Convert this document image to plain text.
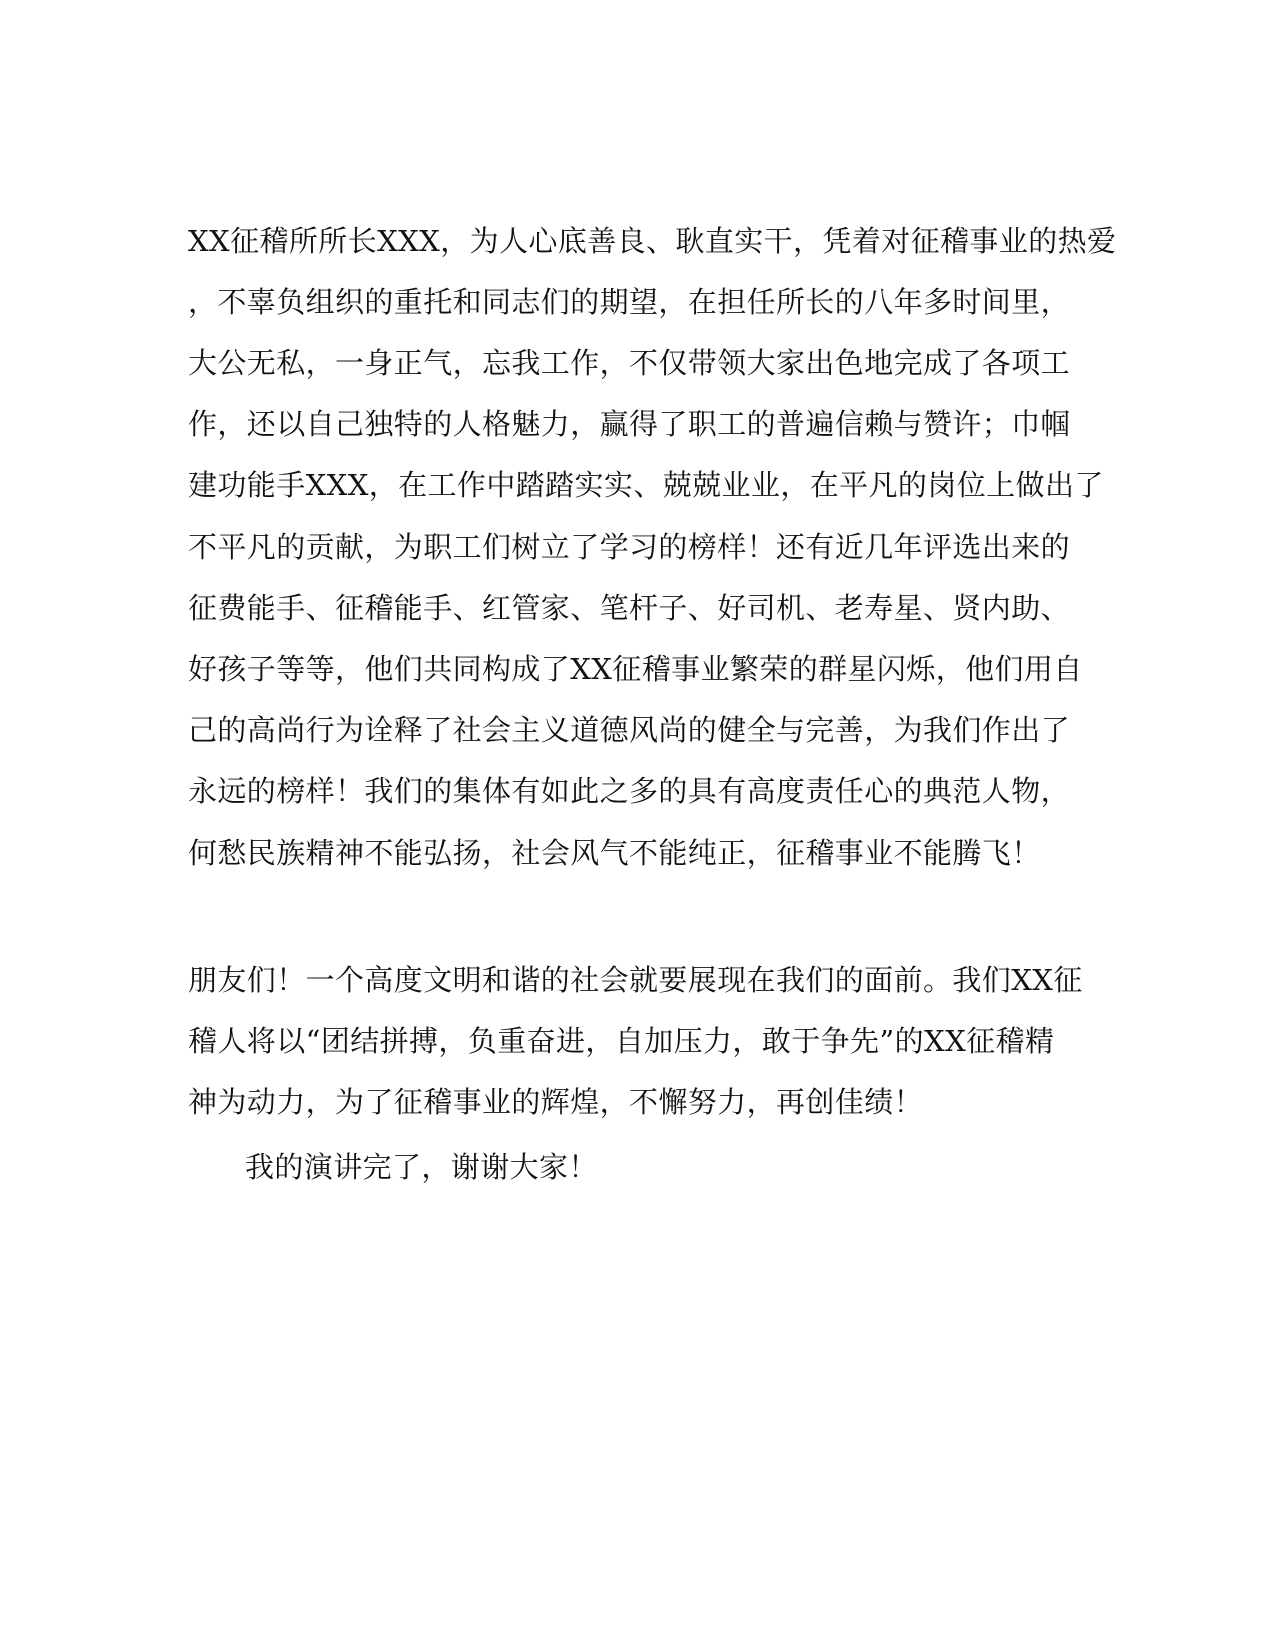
XX征稽所所长XXX，为人心底善良、耿直实干，凭着对征稽事业的热爱
，不辜负组织的重托和同志们的期望，在担任所长的八年多时间里，
大公无私，一身正气，忘我工作，不仅带领大家出色地完成了各项工
作，还以自己独特的人格魅力，赢得了职工的普遍信赖与赞许；巾帼
建功能手XXX，在工作中踏踏实实、兢兢业业，在平凡的岗位上做出了
不平凡的贡献，为职工们树立了学习的榜样！还有近几年评选出来的
征费能手、征稽能手、红管家、笔杆子、好司机、老寿星、贤内助、
好孩子等等，他们共同构成了XX征稽事业繁荣的群星闪烁，他们用自
己的高尚行为诠释了社会主义道德风尚的健全与完善，为我们作出了
永远的榜样！我们的集体有如此之多的具有高度责任心的典范人物，
何愁民族精神不能弘扬，社会风气不能纯正，征稽事业不能腾飞！
朋友们！一个高度文明和谐的社会就要展现在我们的面前。我们XX征
稽人将以“团结拼搏，负重奋进，自加压力，敢于争先”的XX征稽精
神为动力，为了征稽事业的辉煌，不懈努力，再创佳绩！
我的演讲完了，谢谢大家！
